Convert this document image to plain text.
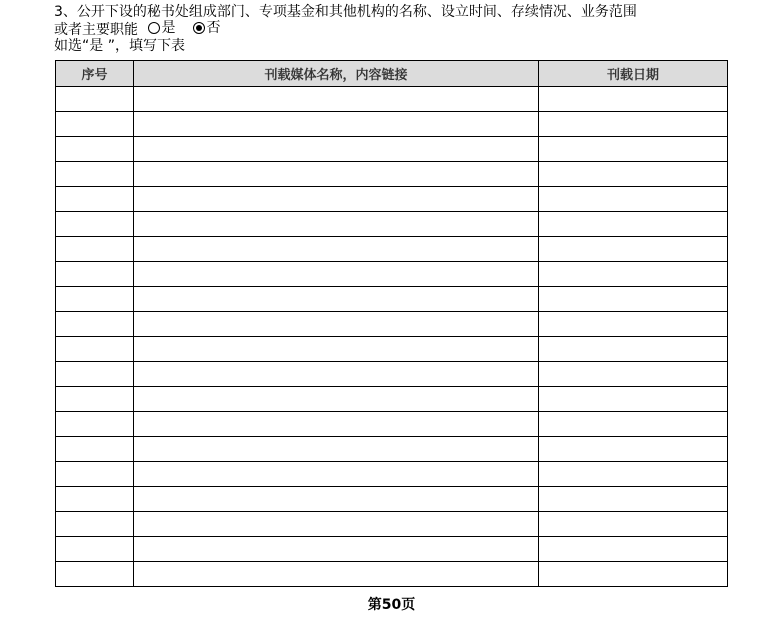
3、公开下设的秘书处组成部门、专项基金和其他机构的名称、设立时间、存续情况、业务范围
或者主要职能 是 否
如选“是 ”，填写下表
序号	刊载媒体名称，内容链接	刊载日期

第50页
